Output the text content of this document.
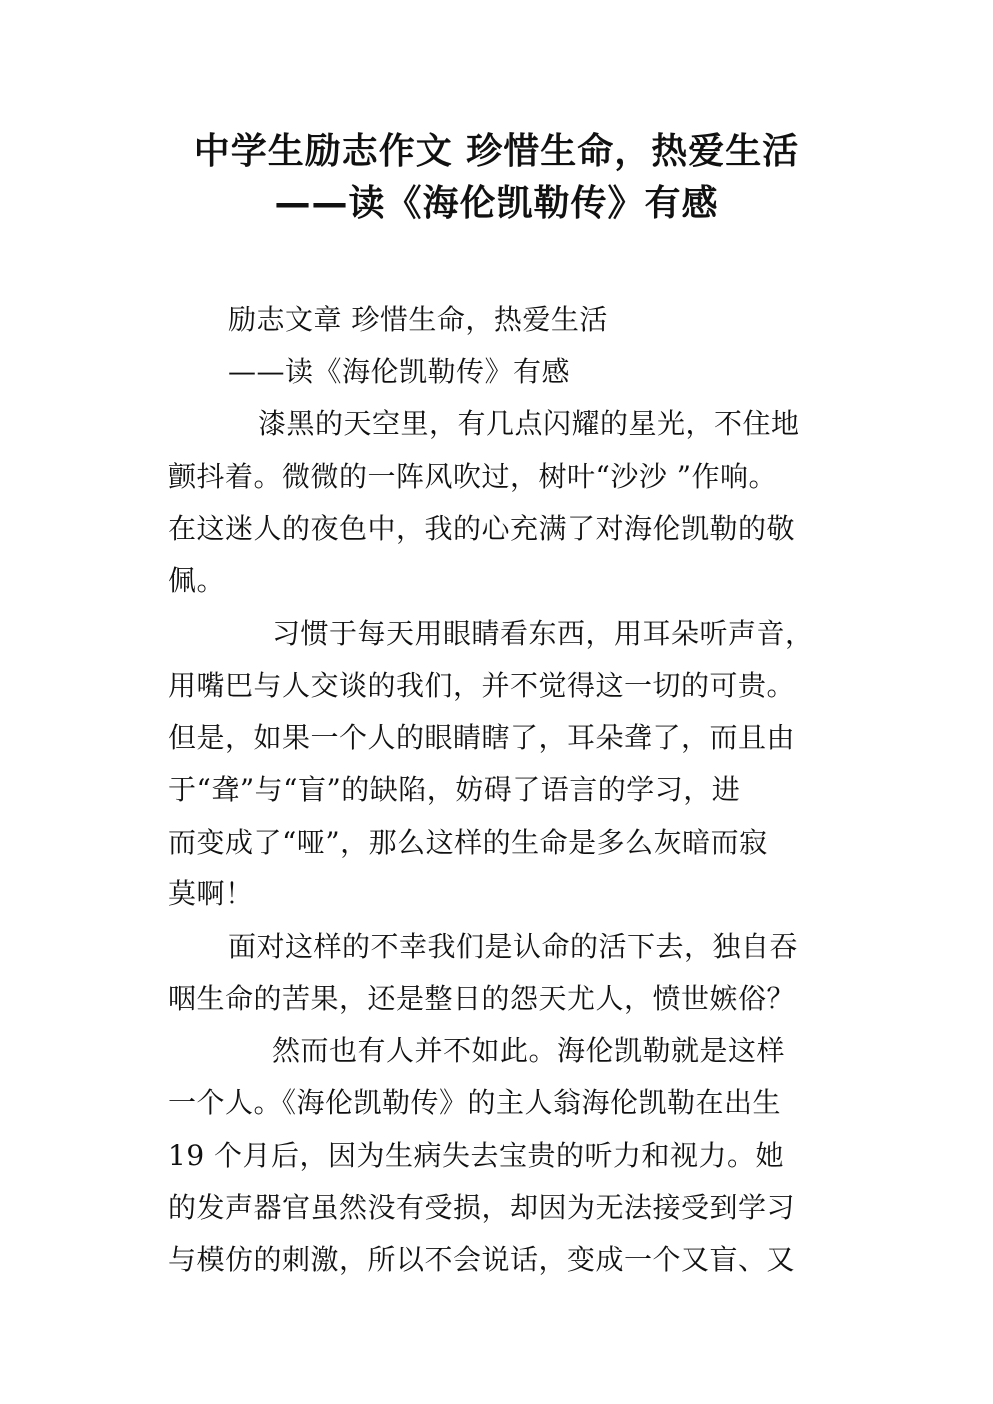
中学生励志作文 珍惜生命，热爱生活
——读《海伦凯勒传》有感
励志文章 珍惜生命，热爱生活
——读《海伦凯勒传》有感
漆黑的天空里，有几点闪耀的星光，不住地
颤抖着。微微的一阵风吹过，树叶“沙沙 ”作响。
在这迷人的夜色中，我的心充满了对海伦凯勒的敬
佩。
习惯于每天用眼睛看东西，用耳朵听声音，
用嘴巴与人交谈的我们，并不觉得这一切的可贵。
但是，如果一个人的眼睛瞎了，耳朵聋了，而且由
于“聋”与“盲”的缺陷，妨碍了语言的学习，进
而变成了“哑”，那么这样的生命是多么灰暗而寂
莫啊！
面对这样的不幸我们是认命的活下去，独自吞
咽生命的苦果，还是整日的怨天尤人，愤世嫉俗？
然而也有人并不如此。海伦凯勒就是这样
一个人。《海伦凯勒传》的主人翁海伦凯勒在出生
19 个月后，因为生病失去宝贵的听力和视力。她
的发声器官虽然没有受损，却因为无法接受到学习
与模仿的刺激，所以不会说话，变成一个又盲、又
